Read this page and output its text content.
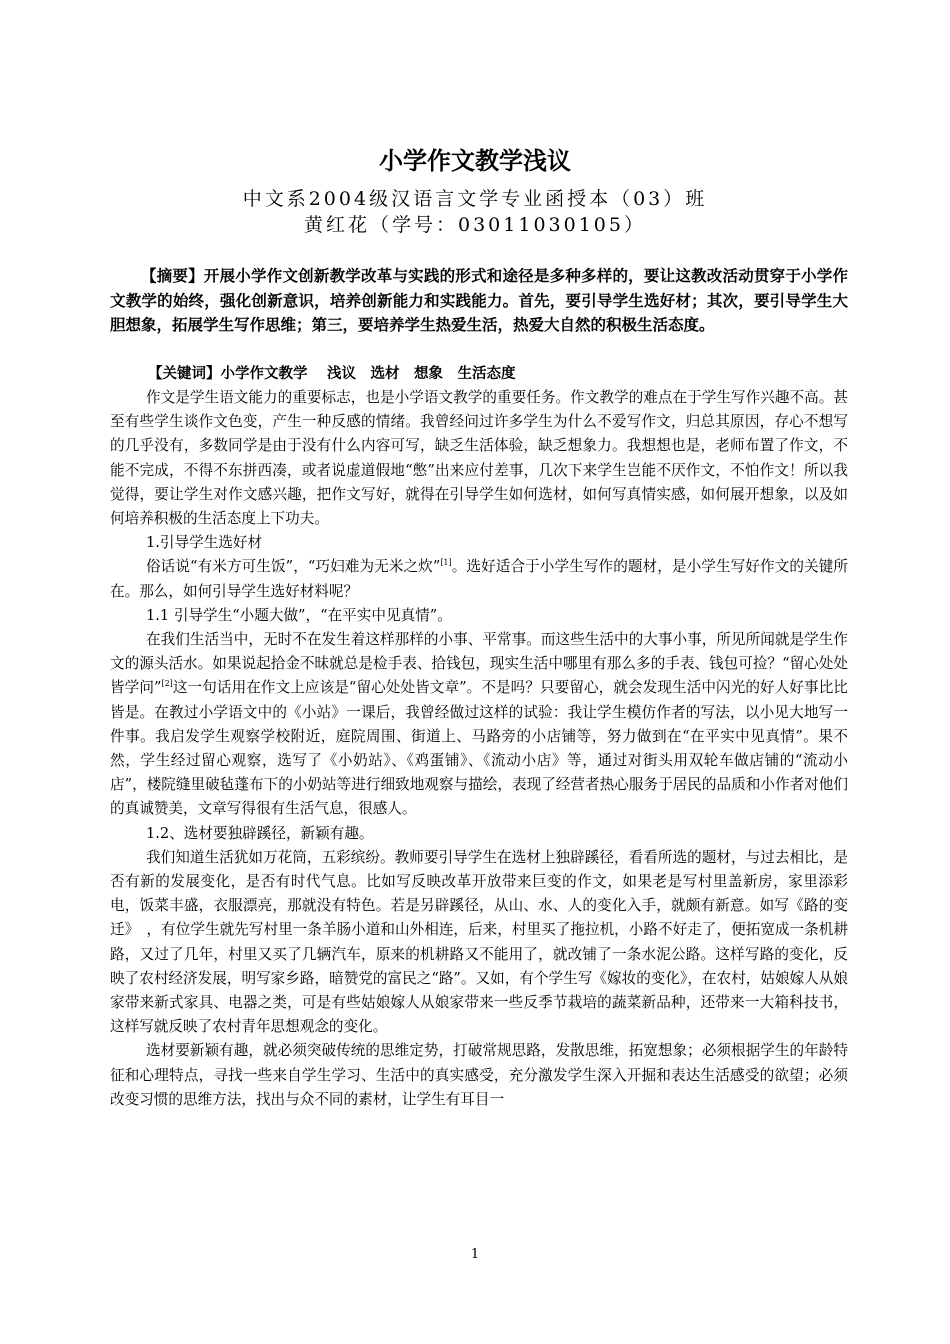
小学作文教学浅议
中文系2004级汉语言文学专业函授本（03）班
黄红花（学号：03011030105）
【摘要】开展小学作文创新教学改革与实践的形式和途径是多种多样的，要让这教改活动贯穿于小学作文教学的始终，强化创新意识，培养创新能力和实践能力。首先，要引导学生选好材；其次，要引导学生大胆想象，拓展学生写作思维；第三，要培养学生热爱生活，热爱大自然的积极生活态度。
【关键词】小学作文教学　 浅议　选材　想象　生活态度

作文是学生语文能力的重要标志，也是小学语文教学的重要任务。作文教学的难点在于学生写作兴趣不高。甚至有些学生谈作文色变，产生一种反感的情绪。我曾经问过许多学生为什么不爱写作文，归总其原因，存心不想写的几乎没有，多数同学是由于没有什么内容可写，缺乏生活体验，缺乏想象力。我想想也是，老师布置了作文，不能不完成，不得不东拼西凑，或者说虚道假地“憋”出来应付差事，几次下来学生岂能不厌作文，不怕作文！所以我觉得，要让学生对作文感兴趣，把作文写好，就得在引导学生如何选材，如何写真情实感，如何展开想象，以及如何培养积极的生活态度上下功夫。

1.引导学生选好材

俗话说“有米方可生饭”，“巧妇难为无米之炊”[1]。选好适合于小学生写作的题材，是小学生写好作文的关键所在。那么，如何引导学生选好材料呢？

1.1 引导学生“小题大做”，“在平实中见真情”。

在我们生活当中，无时不在发生着这样那样的小事、平常事。而这些生活中的大事小事，所见所闻就是学生作文的源头活水。如果说起拾金不昧就总是检手表、拾钱包，现实生活中哪里有那么多的手表、钱包可捡？“留心处处皆学问”[2]这一句话用在作文上应该是“留心处处皆文章”。不是吗？只要留心，就会发现生活中闪光的好人好事比比皆是。在教过小学语文中的《小站》一课后，我曾经做过这样的试验：我让学生模仿作者的写法，以小见大地写一件事。我启发学生观察学校附近，庭院周围、街道上、马路旁的小店铺等，努力做到在“在平实中见真情”。果不然，学生经过留心观察，选写了《小奶站》、《鸡蛋铺》、《流动小店》等，通过对街头用双轮车做店铺的“流动小店”，楼院缝里破毡蓬布下的小奶站等进行细致地观察与描绘，表现了经营者热心服务于居民的品质和小作者对他们的真诚赞美，文章写得很有生活气息，很感人。

1.2、选材要独辟蹊径，新颖有趣。

我们知道生活犹如万花筒，五彩缤纷。教师要引导学生在选材上独辟蹊径，看看所选的题材，与过去相比，是否有新的发展变化，是否有时代气息。比如写反映改革开放带来巨变的作文，如果老是写村里盖新房，家里添彩电，饭菜丰盛，衣服漂亮，那就没有特色。若是另辟蹊径，从山、水、人的变化入手，就颇有新意。如写《路的变迁》　，有位学生就先写村里一条羊肠小道和山外相连，后来，村里买了拖拉机，小路不好走了，便拓宽成一条机耕路，又过了几年，村里又买了几辆汽车，原来的机耕路又不能用了，就改铺了一条水泥公路。这样写路的变化，反映了农村经济发展，明写家乡路，暗赞党的富民之“路”。又如，有个学生写《嫁妆的变化》，在农村，姑娘嫁人从娘家带来新式家具、电器之类，可是有些姑娘嫁人从娘家带来一些反季节栽培的蔬菜新品种，还带来一大箱科技书，这样写就反映了农村青年思想观念的变化。

选材要新颖有趣，就必须突破传统的思维定势，打破常规思路，发散思维，拓宽想象；必须根据学生的年龄特征和心理特点，寻找一些来自学生学习、生活中的真实感受，充分激发学生深入开掘和表达生活感受的欲望；必须改变习惯的思维方法，找出与众不同的素材，让学生有耳目一

1
